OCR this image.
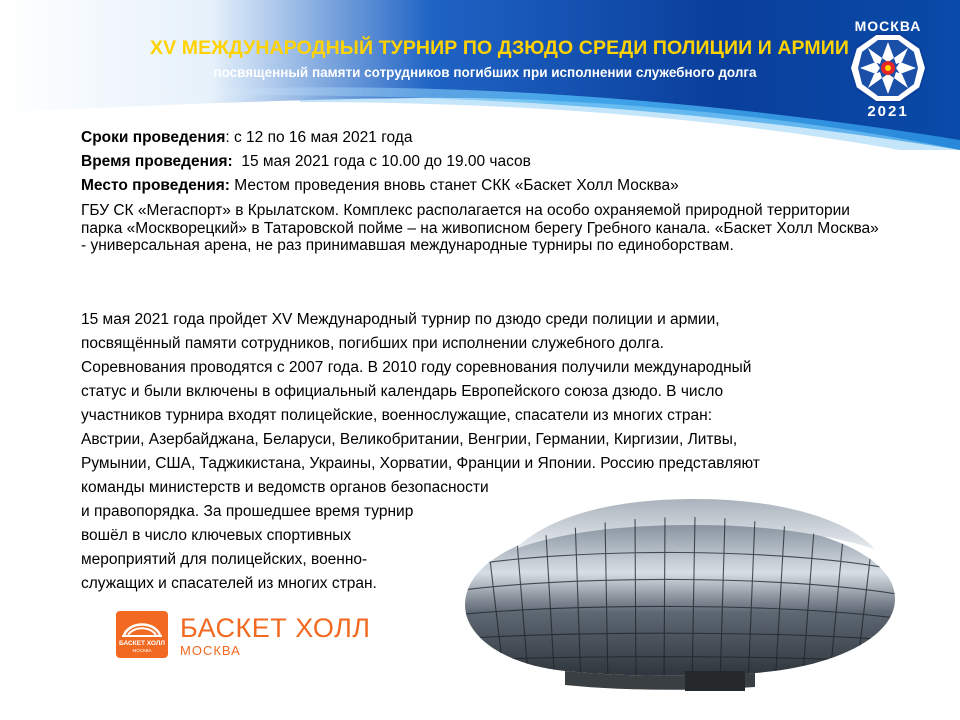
XV МЕЖДУНАРОДНЫЙ ТУРНИР ПО ДЗЮДО СРЕДИ ПОЛИЦИИ И АРМИИ
посвященный памяти сотрудников погибших при исполнении служебного долга
МОСКВА
2021
Сроки проведения: с 12 по 16 мая 2021 года
Время проведения: 15 мая 2021 года с 10.00 до 19.00 часов
Место проведения: Местом проведения вновь станет СКК «Баскет Холл Москва»
ГБУ СК «Мегаспорт» в Крылатском. Комплекс располагается на особо охраняемой природной территории парка «Москворецкий» в Татаровской пойме – на живописном берегу Гребного канала. «Баскет Холл Москва» - универсальная арена, не раз принимавшая международные турниры по единоборствам.
15 мая 2021 года пройдет XV Международный турнир по дзюдо среди полиции и армии,
посвящённый памяти сотрудников, погибших при исполнении служебного долга.
Соревнования проводятся с 2007 года. В 2010 году соревнования получили международный
статус и были включены в официальный календарь Европейского союза дзюдо. В число
участников турнира входят полицейские, военнослужащие, спасатели из многих стран:
Австрии, Азербайджана, Беларуси, Великобритании, Венгрии, Германии, Киргизии, Литвы,
Румынии, США, Таджикистана, Украины, Хорватии, Франции и Японии. Россию представляют
команды министерств и ведомств органов безопасности
и правопорядка. За прошедшее время турнир
вошёл в число ключевых спортивных
мероприятий для полицейских, военно-
служащих и спасателей из многих стран.
БАСКЕТ ХОЛЛ
МОСКВА
БАСКЕТ ХОЛЛ
МОСКВА
